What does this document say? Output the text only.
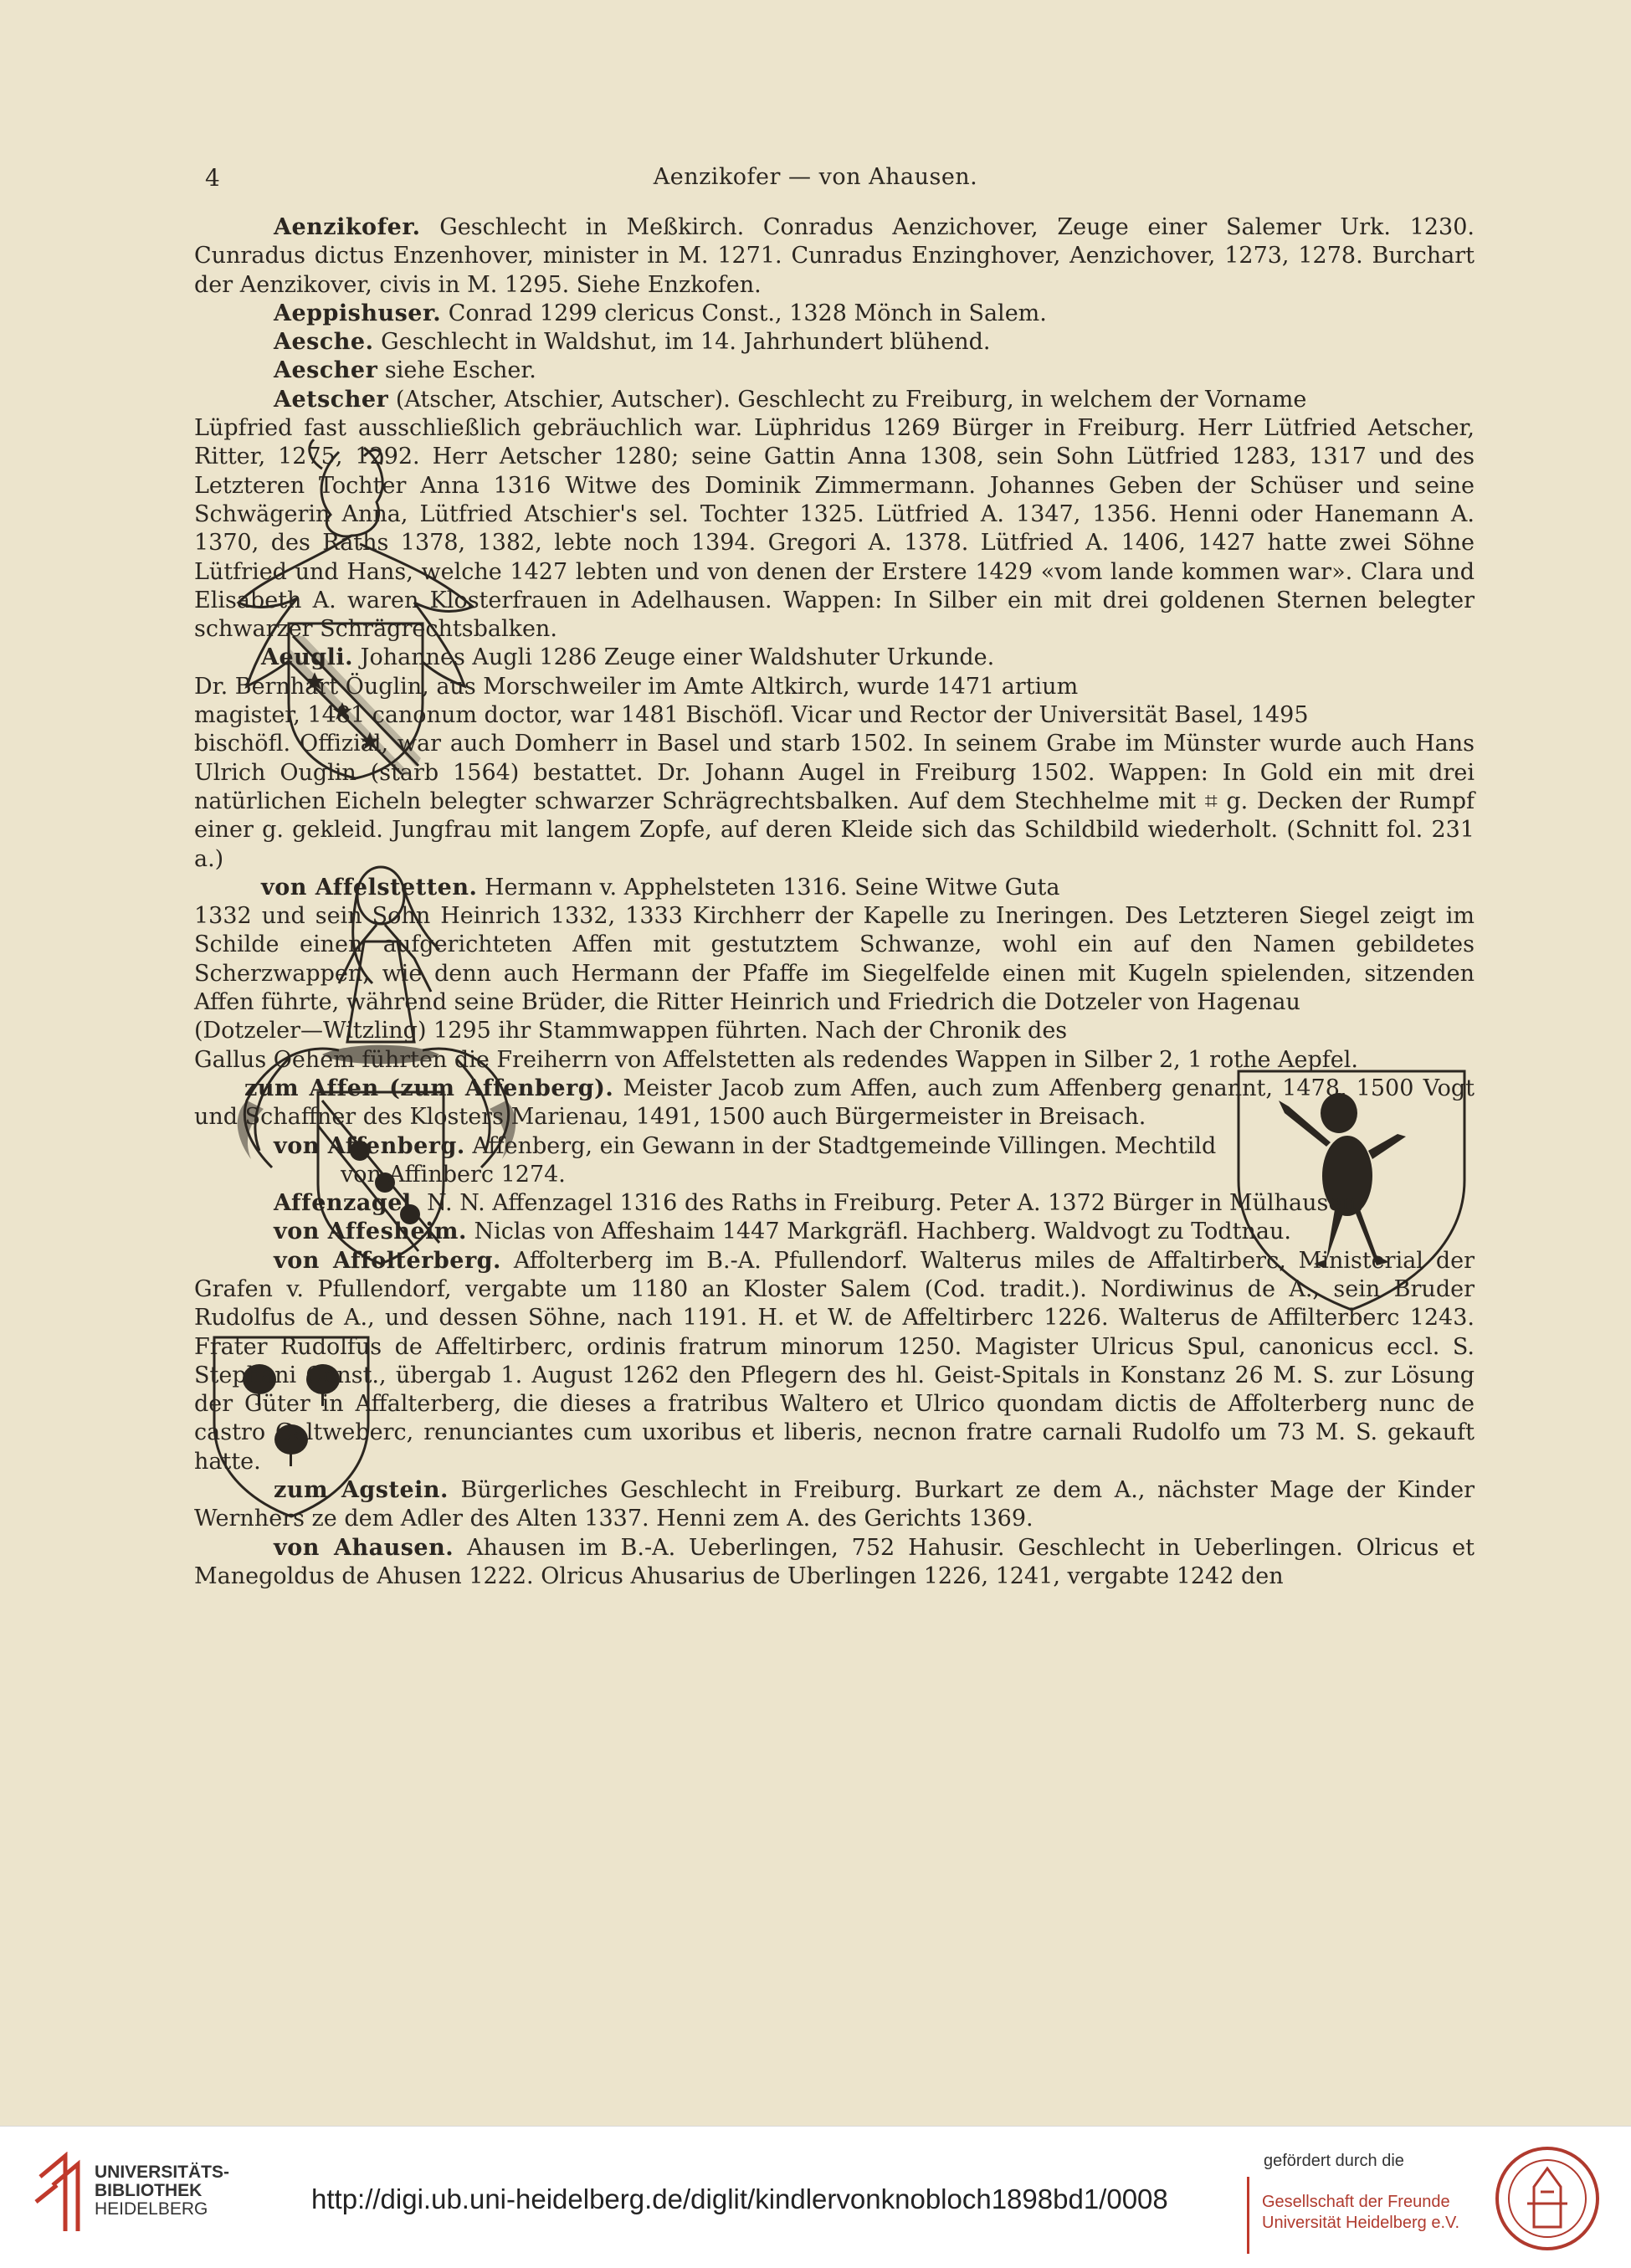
4	Aenzikofer — von Ahausen.

Aenzikofer. Geschlecht in Meßkirch. Conradus Aenzichover, Zeuge einer Salemer Urk. 1230. Cunradus dictus Enzenhover, minister in M. 1271. Cunradus Enzinghover, Aenzichover, 1273, 1278. Burchart der Aenzikover, civis in M. 1295. Siehe Enzkofen.

Aeppishuser. Conrad 1299 clericus Const., 1328 Mönch in Salem.

Aesche. Geschlecht in Waldshut, im 14. Jahrhundert blühend.

Aescher siehe Escher.

Aetscher (Atscher, Atschier, Autscher). Geschlecht zu Freiburg, in welchem der Vorname

Lüpfried fast ausschließlich gebräuchlich war. Lüphridus 1269 Bürger in Freiburg. Herr Lütfried Aetscher, Ritter, 1275, 1292. Herr Aetscher 1280; seine Gattin Anna 1308, sein Sohn Lütfried 1283, 1317 und des Letzteren Tochter Anna 1316 Witwe des Dominik Zimmermann. Johannes Geben der Schüser und seine Schwägerin Anna, Lütfried Atschier's sel. Tochter 1325. Lütfried A. 1347, 1356. Henni oder Hanemann A. 1370, des Raths 1378, 1382, lebte noch 1394. Gregori A. 1378. Lütfried A. 1406, 1427 hatte zwei Söhne Lütfried und Hans, welche 1427 lebten und von denen der Erstere 1429 «vom lande kommen war». Clara und Elisabeth A. waren Klosterfrauen in Adelhausen. Wappen: In Silber ein mit drei goldenen Sternen belegter schwarzer Schrägrechtsbalken.

Aeugli. Johannes Augli 1286 Zeuge einer Waldshuter Urkunde.

Dr. Bernhart Öuglin, aus Morschweiler im Amte Altkirch, wurde 1471 artium

magister, 1481 canonum doctor, war 1481 Bischöfl. Vicar und Rector der Universität Basel, 1495

bischöfl. Offizial, war auch Domherr in Basel und starb 1502. In seinem Grabe im Münster wurde auch Hans Ulrich Ouglin (starb 1564) bestattet. Dr. Johann Augel in Freiburg 1502. Wappen: In Gold ein mit drei natürlichen Eicheln belegter schwarzer Schrägrechtsbalken. Auf dem Stechhelme mit ⌗ g. Decken der Rumpf einer g. gekleid. Jungfrau mit langem Zopfe, auf deren Kleide sich das Schildbild wiederholt. (Schnitt fol. 231 a.)

von Affelstetten. Hermann v. Apphelsteten 1316. Seine Witwe Guta

1332 und sein Sohn Heinrich 1332, 1333 Kirchherr der Kapelle zu Ineringen. Des Letzteren Siegel zeigt im Schilde einen aufgerichteten Affen mit gestutztem Schwanze, wohl ein auf den Namen gebildetes Scherzwappen, wie denn auch Hermann der Pfaffe im Siegelfelde einen mit Kugeln spielenden, sitzenden Affen führte, während seine Brüder, die Ritter Heinrich und Friedrich die Dotzeler von Hagenau

(Dotzeler—Witzling) 1295 ihr Stammwappen führten. Nach der Chronik des

Gallus Oehem führten die Freiherrn von Affelstetten als redendes Wappen in Silber 2, 1 rothe Aepfel.

zum Affen (zum Affenberg). Meister Jacob zum Affen, auch zum Affenberg genannt, 1478, 1500 Vogt und Schaffner des Klosters Marienau, 1491, 1500 auch Bürgermeister in Breisach.

von Affenberg. Affenberg, ein Gewann in der Stadtgemeinde Villingen. Mechtild

von Affinberc 1274.

Affenzagel. N. N. Affenzagel 1316 des Raths in Freiburg. Peter A. 1372 Bürger in Mülhausen.

von Affesheim. Niclas von Affeshaim 1447 Markgräfl. Hachberg. Waldvogt zu Todtnau.

von Affolterberg. Affolterberg im B.-A. Pfullendorf. Walterus miles de Affaltirberc, Ministerial der Grafen v. Pfullendorf, vergabte um 1180 an Kloster Salem (Cod. tradit.). Nordiwinus de A., sein Bruder Rudolfus de A., und dessen Söhne, nach 1191. H. et W. de Affeltirberc 1226. Walterus de Affilterberc 1243. Frater Rudolfus de Affeltirberc, ordinis fratrum minorum 1250. Magister Ulricus Spul, canonicus eccl. S. Stephani Const., übergab 1. August 1262 den Pflegern des hl. Geist-Spitals in Konstanz 26 M. S. zur Lösung der Güter in Affalterberg, die dieses a fratribus Waltero et Ulrico quondam dictis de Affolterberg nunc de castro Caltweberc, renunciantes cum uxoribus et liberis, necnon fratre carnali Rudolfo um 73 M. S. gekauft hatte.

zum Agstein. Bürgerliches Geschlecht in Freiburg. Burkart ze dem A., nächster Mage der Kinder Wernhers ze dem Adler des Alten 1337. Henni zem A. des Gerichts 1369.

von Ahausen. Ahausen im B.-A. Ueberlingen, 752 Hahusir. Geschlecht in Ueberlingen. Olricus et Manegoldus de Ahusen 1222. Olricus Ahusarius de Uberlingen 1226, 1241, vergabte 1242 den

UNIVERSITÄTS-
BIBLIOTHEK
HEIDELBERG	http://digi.ub.uni-heidelberg.de/diglit/kindlervonknobloch1898bd1/0008
gefördert durch die
Gesellschaft der Freunde
Universität Heidelberg e.V.
